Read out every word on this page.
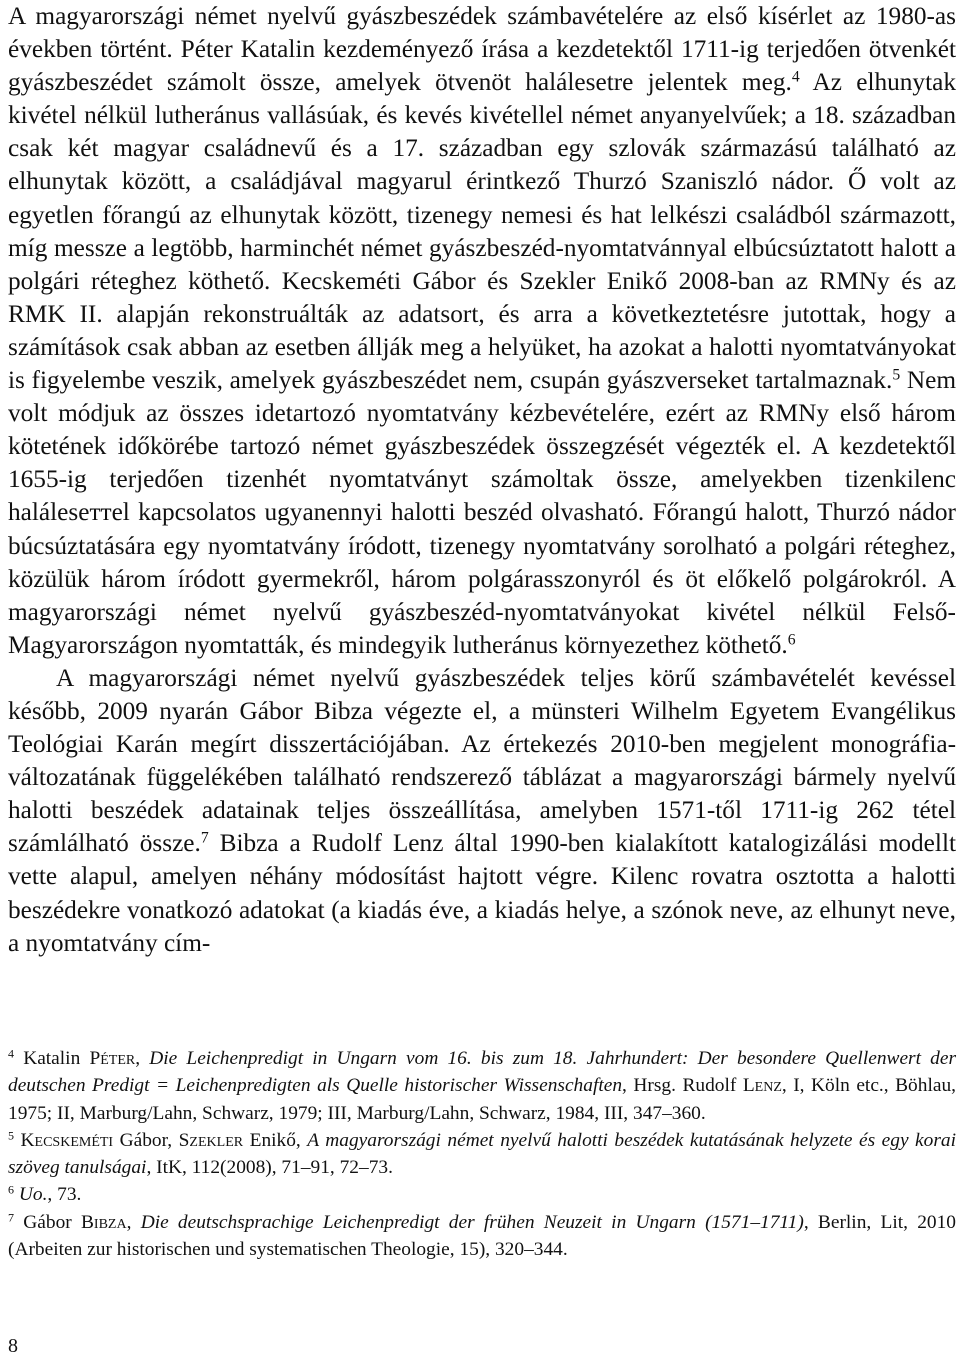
A magyarországi német nyelvű gyászbeszédek számbavételére az első kísérlet az 1980-as években történt. Péter Katalin kezdeményező írása a kezdetektől 1711-ig terjedően ötvenkét gyászbeszédet számolt össze, amelyek ötvenöt halálesetre jelentek meg.$^4$ Az elhunytak kivétel nélkül lutheránus vallásúak, és kevés kivétellel német anyanyelvűek; a 18. században csak két magyar családnevű és a 17. században egy szlovák származású található az elhunytak között, a családjával magyarul érintkező Thurzó Szaniszló nádor. Ő volt az egyetlen főrangú az elhunytak között, tizenegy nemesi és hat lelkészi családból származott, míg messze a legtöbb, harminchét német gyászbeszéd-nyomtatvánnyal elbúcsúztatott halott a polgári réteghez köthető. Kecskeméti Gábor és Szekler Enikő 2008-ban az RMNy és az RMK II. alapján rekonstruálták az adatsort, és arra a következtetésre jutottak, hogy a számítások csak abban az esetben állják meg a helyüket, ha azokat a halotti nyomtatványokat is figyelembe veszik, amelyek gyászbeszédet nem, csupán gyászverseket tartalmaznak.$^5$ Nem volt módjuk az összes idetartozó nyomtatvány kézbevételére, ezért az RMNy első három kötetének időkörébe tartozó német gyászbeszédek összegzését végezték el. A kezdetektől 1655-ig terjedően tizenhét nyomtatványt számoltak össze, amelyekben tizenkilenc haláleseттel kapcsolatos ugyanennyi halotti beszéd olvasható. Főrangú halott, Thurzó nádor búcsúztatására egy nyomtatvány íródott, tizenegy nyomtatvány sorolható a polgári réteghez, közülük három íródott gyermekről, három polgárasszonyról és öt előkelő polgárokról. A magyarországi német nyelvű gyászbeszéd-nyomtatványokat kivétel nélkül Felső-Magyarországon nyomtatták, és mindegyik lutheránus környezethez köthető.$^6$

A magyarországi német nyelvű gyászbeszédek teljes körű számbavételét kevéssel később, 2009 nyarán Gábor Bibza végezte el, a münsteri Wilhelm Egyetem Evangélikus Teológiai Karán megírt disszertációjában. Az értekezés 2010-ben megjelent monográfia-változatának függelékében található rendszerező táblázat a magyarországi bármely nyelvű halotti beszédek adatainak teljes összeállítása, amelyben 1571-től 1711-ig 262 tétel számlálható össze.$^7$ Bibza a Rudolf Lenz által 1990-ben kialakított katalogizálási modellt vette alapul, amelyen néhány módosítást hajtott végre. Kilenc rovatra osztotta a halotti beszédekre vonatkozó adatokat (a kiadás éve, a kiadás helye, a szónok neve, az elhunyt neve, a nyomtatvány cím-

$^4$ Katalin Péter, Die Leichenpredigt in Ungarn vom 16. bis zum 18. Jahrhundert: Der besondere Quellenwert der deutschen Predigt = Leichenpredigten als Quelle historischer Wissenschaften, Hrsg. Rudolf Lenz, I, Köln etc., Böhlau, 1975; II, Marburg/Lahn, Schwarz, 1979; III, Marburg/Lahn, Schwarz, 1984, III, 347–360.

$^5$ Kecskeméti Gábor, Szekler Enikő, A magyarországi német nyelvű halotti beszédek kutatásának helyzete és egy korai szöveg tanulságai, ItK, 112(2008), 71–91, 72–73.

$^6$ Uo., 73.

$^7$ Gábor Bibza, Die deutschsprachige Leichenpredigt der frühen Neuzeit in Ungarn (1571–1711), Berlin, Lit, 2010 (Arbeiten zur historischen und systematischen Theologie, 15), 320–344.

8
